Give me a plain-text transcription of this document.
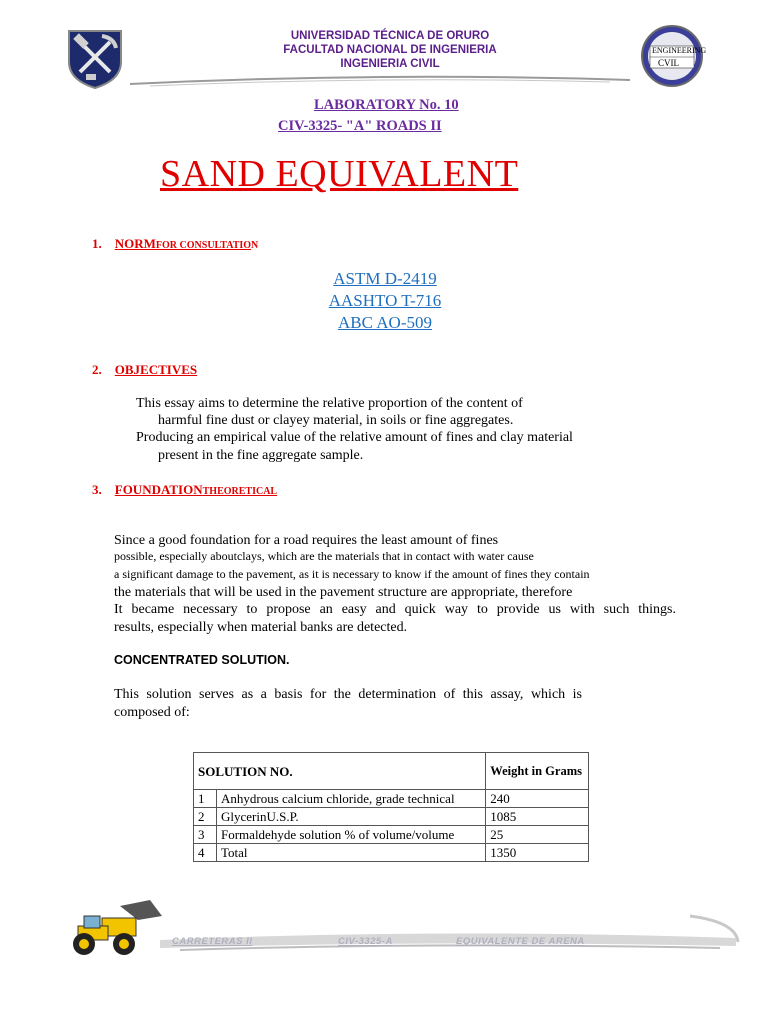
UNIVERSIDAD TÉCNICA DE ORURO
FACULTAD NACIONAL DE INGENIERIA
INGENIERIA CIVIL
ENGINEERING
CVIL
LABORATORY No. 10
CIV-3325- "A" ROADS II
SAND EQUIVALENT
1. NORMFOR CONSULTATION
ASTM D-2419
AASHTO T-716
ABC AO-509
2. OBJECTIVES
This essay aims to determine the relative proportion of the content of
harmful fine dust or clayey material, in soils or fine aggregates.
Producing an empirical value of the relative amount of fines and clay material
present in the fine aggregate sample.
3. FOUNDATIONTHEORETICAL
Since a good foundation for a road requires the least amount of fines
possible, especially aboutclays, which are the materials that in contact with water cause
a significant damage to the pavement, as it is necessary to know if the amount of fines they contain
the materials that will be used in the pavement structure are appropriate, therefore
It became necessary to propose an easy and quick way to provide us with such things.
results, especially when material banks are detected.
CONCENTRATED SOLUTION.
This solution serves as a basis for the determination of this assay, which is
composed of:
SOLUTION NO.		Weight in Grams
1	Anhydrous calcium chloride, grade technical	240
2	GlycerinU.S.P.	1085
3	Formaldehyde solution % of volume/volume	25
4	Total	1350
CARRETERAS II	CIV-3325-A	EQUIVALENTE DE ARENA
